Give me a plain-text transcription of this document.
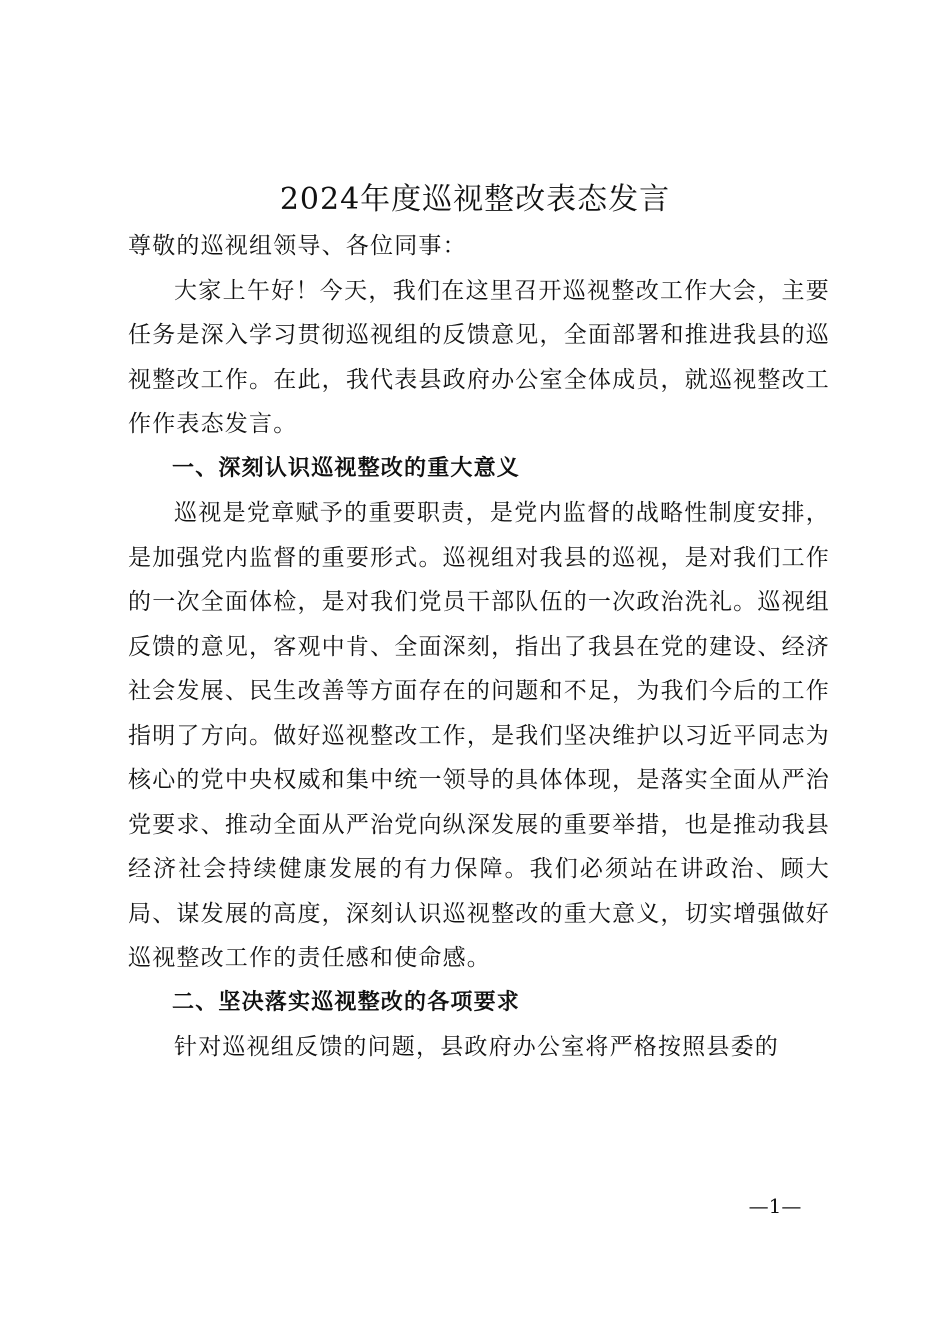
2024年度巡视整改表态发言

尊敬的巡视组领导、各位同事：

大家上午好！今天，我们在这里召开巡视整改工作大会，主要任务是深入学习贯彻巡视组的反馈意见，全面部署和推进我县的巡视整改工作。在此，我代表县政府办公室全体成员，就巡视整改工作作表态发言。

一、深刻认识巡视整改的重大意义

巡视是党章赋予的重要职责，是党内监督的战略性制度安排，是加强党内监督的重要形式。巡视组对我县的巡视，是对我们工作的一次全面体检，是对我们党员干部队伍的一次政治洗礼。巡视组反馈的意见，客观中肯、全面深刻，指出了我县在党的建设、经济社会发展、民生改善等方面存在的问题和不足，为我们今后的工作指明了方向。做好巡视整改工作，是我们坚决维护以习近平同志为核心的党中央权威和集中统一领导的具体体现，是落实全面从严治党要求、推动全面从严治党向纵深发展的重要举措，也是推动我县经济社会持续健康发展的有力保障。我们必须站在讲政治、顾大局、谋发展的高度，深刻认识巡视整改的重大意义，切实增强做好巡视整改工作的责任感和使命感。

二、坚决落实巡视整改的各项要求

针对巡视组反馈的问题，县政府办公室将严格按照县委的

—1—
